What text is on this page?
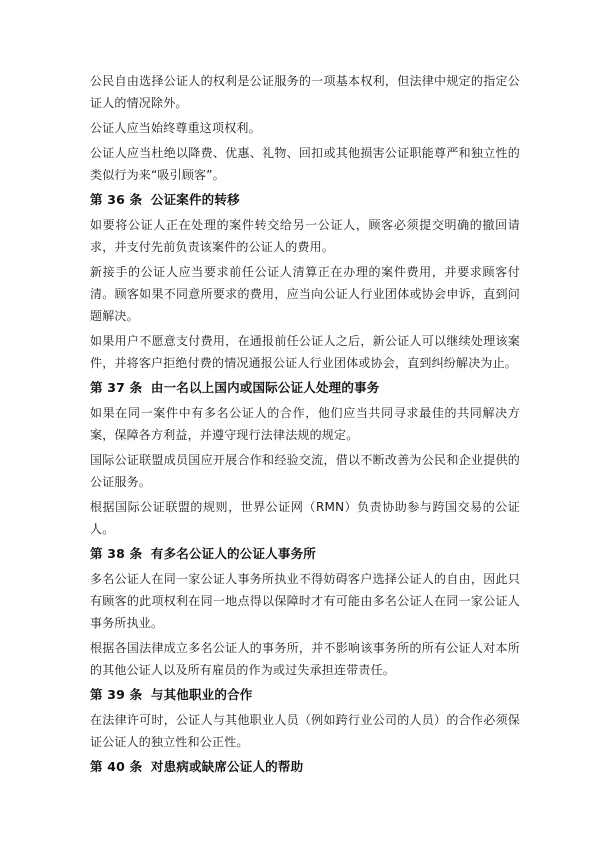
公民自由选择公证人的权利是公证服务的一项基本权利，但法律中规定的指定公证人的情况除外。

公证人应当始终尊重这项权利。

公证人应当杜绝以降费、优惠、礼物、回扣或其他损害公证职能尊严和独立性的类似行为来“吸引顾客”。

第 36 条 公证案件的转移

如要将公证人正在处理的案件转交给另一公证人，顾客必须提交明确的撤回请求，并支付先前负责该案件的公证人的费用。

新接手的公证人应当要求前任公证人清算正在办理的案件费用，并要求顾客付清。顾客如果不同意所要求的费用，应当向公证人行业团体或协会申诉，直到问题解决。

如果用户不愿意支付费用，在通报前任公证人之后，新公证人可以继续处理该案件，并将客户拒绝付费的情况通报公证人行业团体或协会，直到纠纷解决为止。

第 37 条 由一名以上国内或国际公证人处理的事务

如果在同一案件中有多名公证人的合作，他们应当共同寻求最佳的共同解决方案，保障各方利益，并遵守现行法律法规的规定。

国际公证联盟成员国应开展合作和经验交流，借以不断改善为公民和企业提供的公证服务。

根据国际公证联盟的规则，世界公证网（RMN）负责协助参与跨国交易的公证人。

第 38 条 有多名公证人的公证人事务所

多名公证人在同一家公证人事务所执业不得妨碍客户选择公证人的自由，因此只有顾客的此项权利在同一地点得以保障时才有可能由多名公证人在同一家公证人事务所执业。

根据各国法律成立多名公证人的事务所，并不影响该事务所的所有公证人对本所的其他公证人以及所有雇员的作为或过失承担连带责任。

第 39 条 与其他职业的合作

在法律许可时，公证人与其他职业人员（例如跨行业公司的人员）的合作必须保证公证人的独立性和公正性。

第 40 条 对患病或缺席公证人的帮助
